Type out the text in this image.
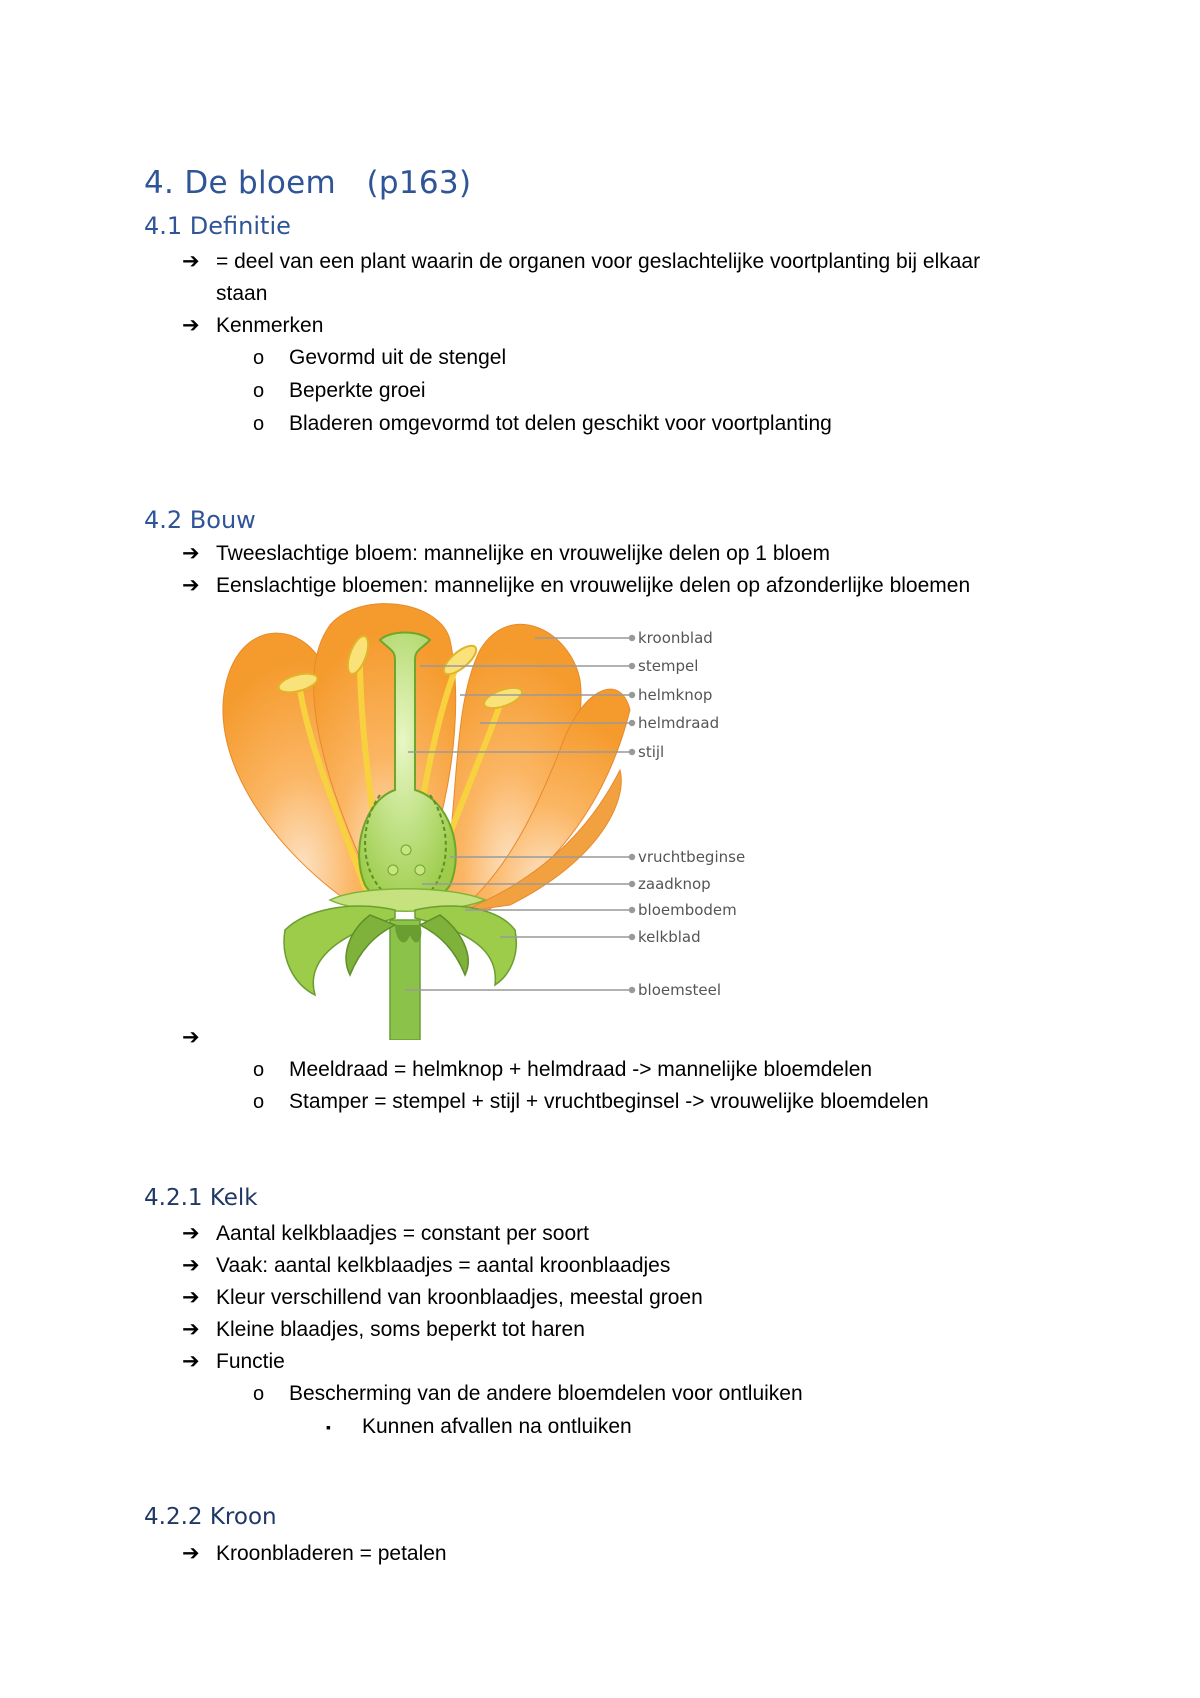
4. De bloem   (p163)
4.1 Definitie
➔ = deel van een plant waarin de organen voor geslachtelijke voortplanting bij elkaar
staan
➔ Kenmerken
o Gevormd uit de stengel
o Beperkte groei
o Bladeren omgevormd tot delen geschikt voor voortplanting
4.2 Bouw
➔ Tweeslachtige bloem: mannelijke en vrouwelijke delen op 1 bloem
➔ Eenslachtige bloemen: mannelijke en vrouwelijke delen op afzonderlijke bloemen
kroonblad
stempel
helmknop
helmdraad
stijl
vruchtbeginse
zaadknop
bloembodem
kelkblad
bloemsteel
➔
o Meeldraad = helmknop + helmdraad -> mannelijke bloemdelen
o Stamper = stempel + stijl + vruchtbeginsel -> vrouwelijke bloemdelen
4.2.1 Kelk
➔ Aantal kelkblaadjes = constant per soort
➔ Vaak: aantal kelkblaadjes = aantal kroonblaadjes
➔ Kleur verschillend van kroonblaadjes, meestal groen
➔ Kleine blaadjes, soms beperkt tot haren
➔ Functie
o Bescherming van de andere bloemdelen voor ontluiken
▪ Kunnen afvallen na ontluiken
4.2.2 Kroon
➔ Kroonbladeren = petalen
